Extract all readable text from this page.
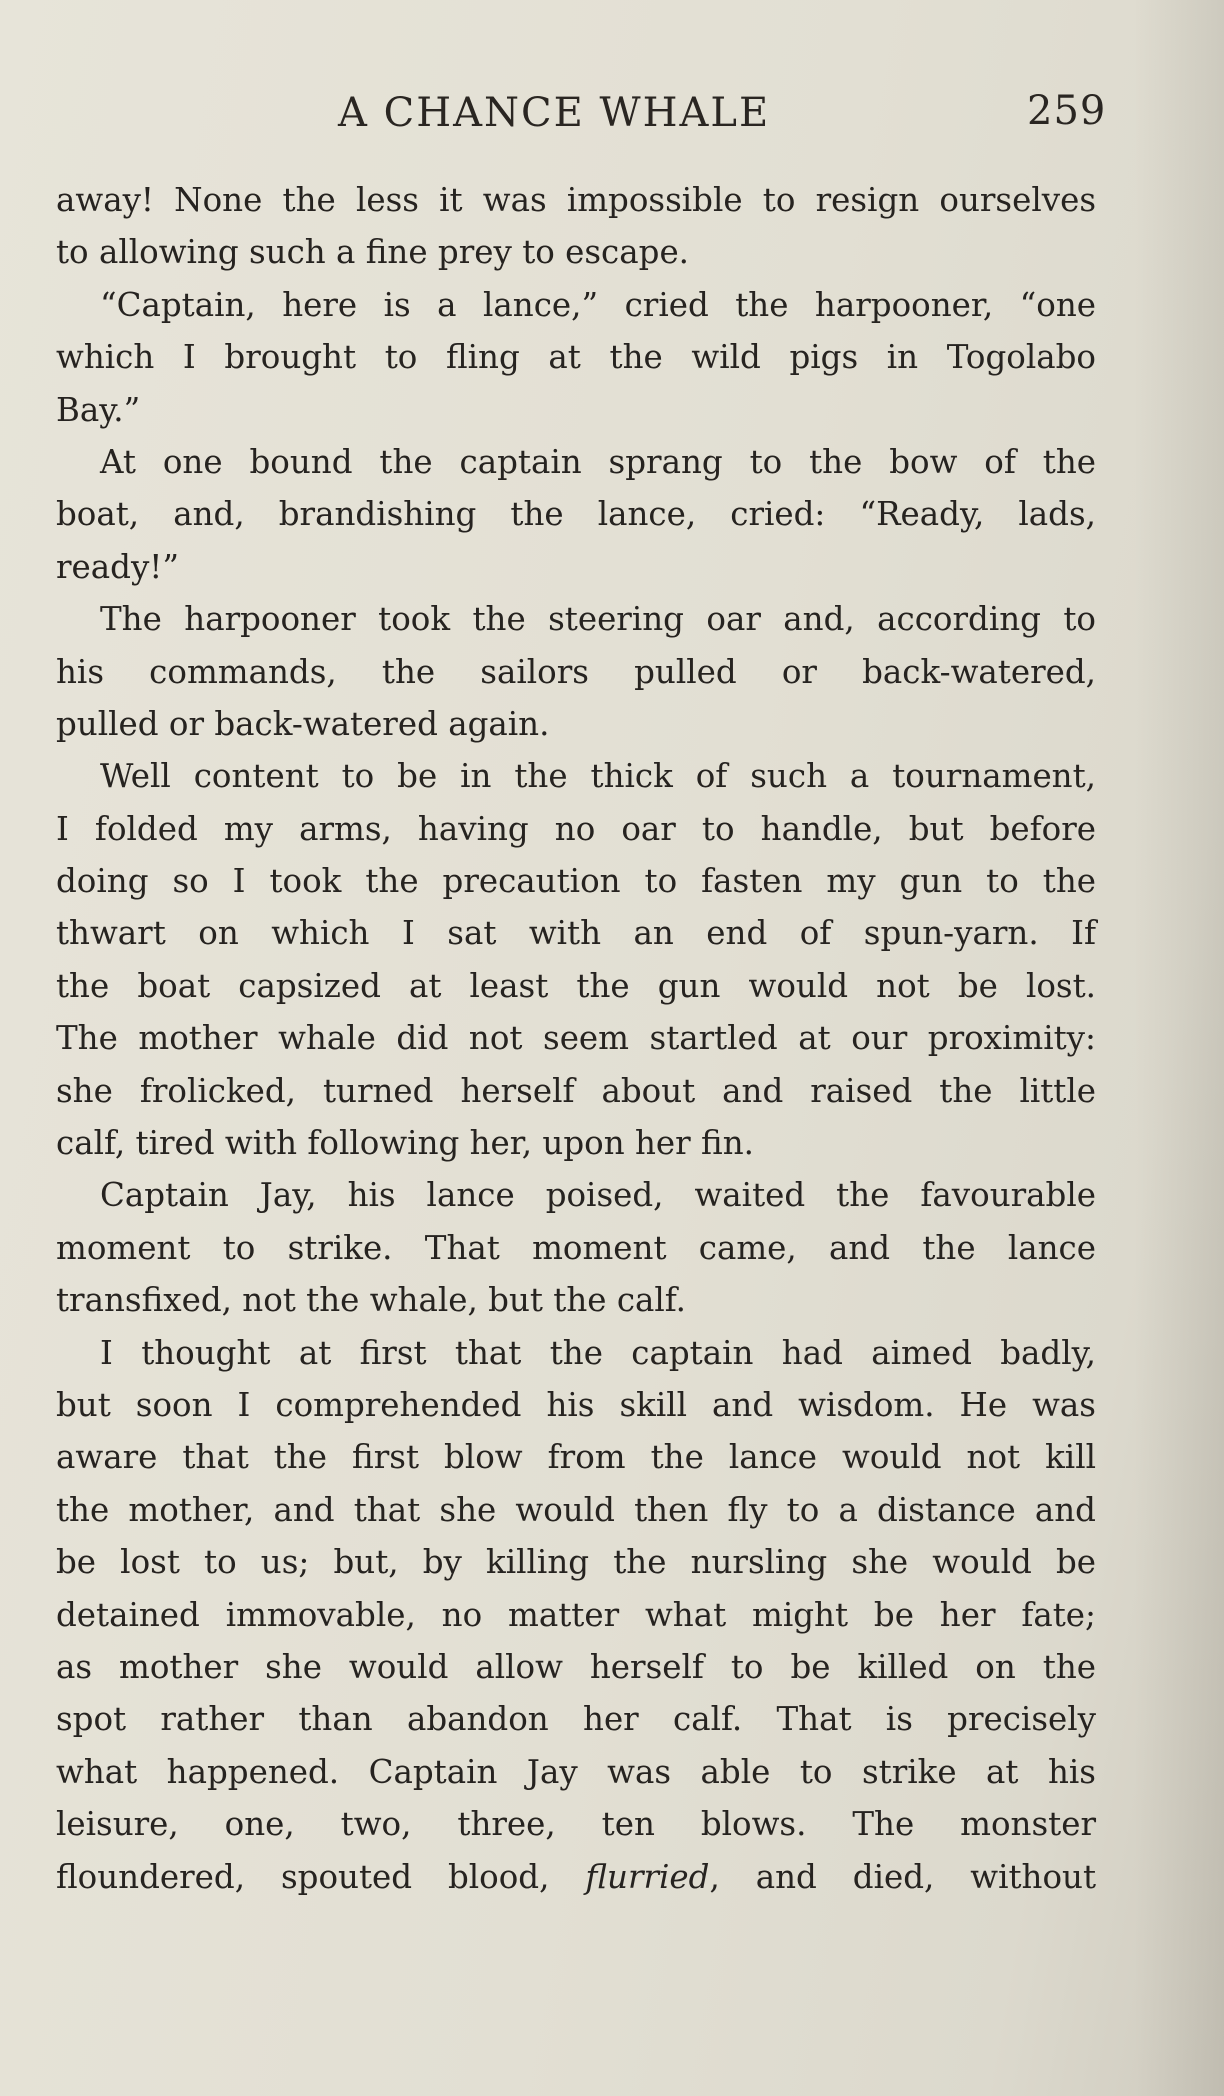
A CHANCE WHALE	259
away! None the less it was impossible to resign ourselves
to allowing such a fine prey to escape.
“Captain, here is a lance,” cried the harpooner, “one
which I brought to fling at the wild pigs in Togolabo
Bay.”
At one bound the captain sprang to the bow of the
boat, and, brandishing the lance, cried: “Ready, lads,
ready!”
The harpooner took the steering oar and, according to
his commands, the sailors pulled or back-watered,
pulled or back-watered again.
Well content to be in the thick of such a tournament,
I folded my arms, having no oar to handle, but before
doing so I took the precaution to fasten my gun to the
thwart on which I sat with an end of spun-yarn. If
the boat capsized at least the gun would not be lost.
The mother whale did not seem startled at our proximity:
she frolicked, turned herself about and raised the little
calf, tired with following her, upon her fin.
Captain Jay, his lance poised, waited the favourable
moment to strike. That moment came, and the lance
transfixed, not the whale, but the calf.
I thought at first that the captain had aimed badly,
but soon I comprehended his skill and wisdom. He was
aware that the first blow from the lance would not kill
the mother, and that she would then fly to a distance and
be lost to us; but, by killing the nursling she would be
detained immovable, no matter what might be her fate;
as mother she would allow herself to be killed on the
spot rather than abandon her calf. That is precisely
what happened. Captain Jay was able to strike at his
leisure, one, two, three, ten blows. The monster
floundered, spouted blood, flurried, and died, without
